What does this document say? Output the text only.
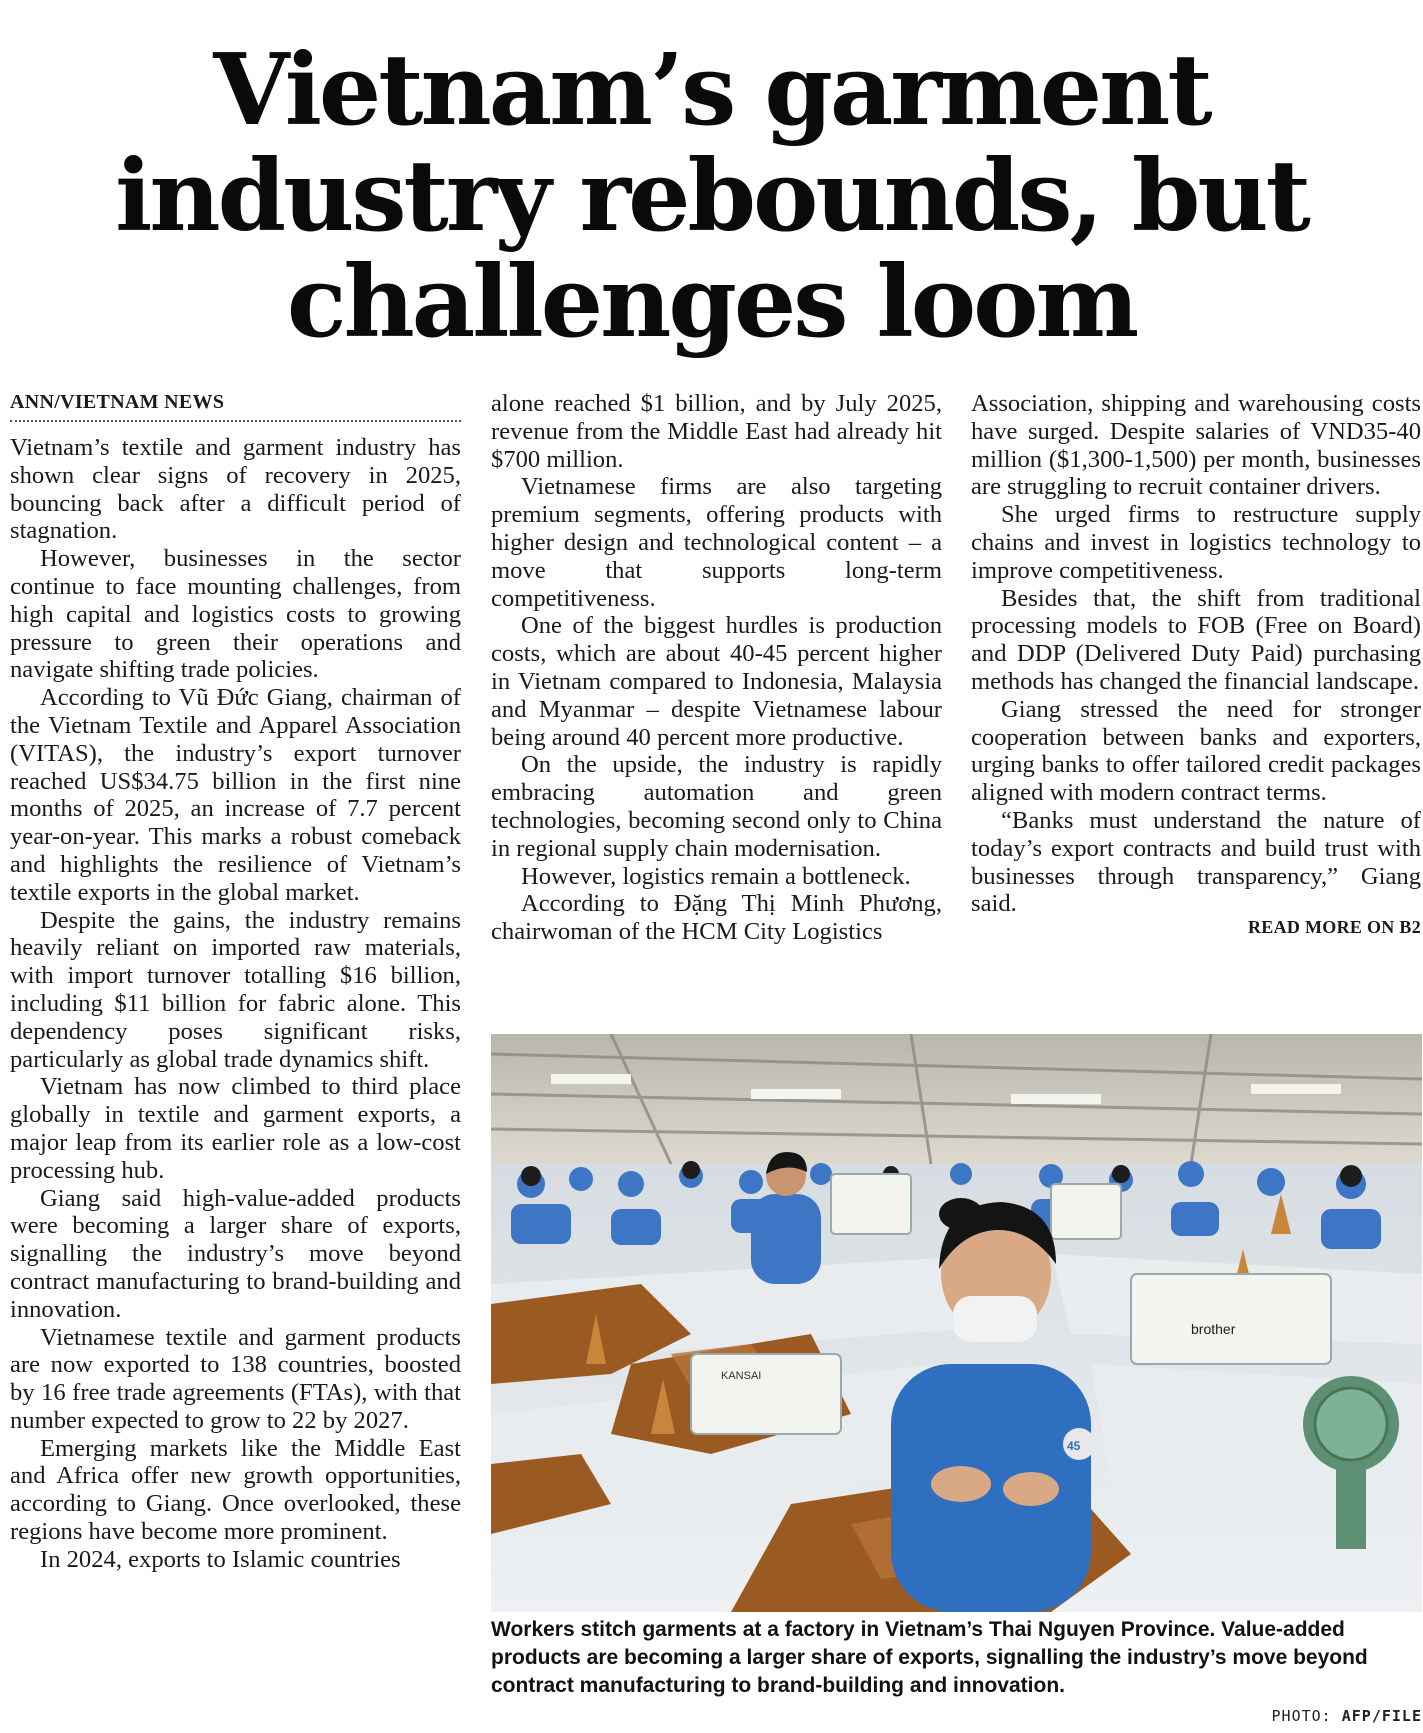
Vietnam’s garment
industry rebounds, but
challenges loom
ANN/VIETNAM NEWS

Vietnam’s textile and garment industry has shown clear signs of recovery in 2025, bouncing back after a difficult period of stagnation.

However, businesses in the sector continue to face mounting challenges, from high capital and logistics costs to growing pressure to green their operations and navigate shifting trade policies.

According to Vũ Đức Giang, chairman of the Vietnam Textile and Apparel Association (VITAS), the industry’s export turnover reached US$34.75 billion in the first nine months of 2025, an increase of 7.7 percent year-on-year. This marks a robust comeback and highlights the resilience of Vietnam’s textile exports in the global market.

Despite the gains, the industry remains heavily reliant on imported raw materials, with import turnover totalling $16 billion, including $11 billion for fabric alone. This dependency poses significant risks, particularly as global trade dynamics shift.

Vietnam has now climbed to third place globally in textile and garment exports, a major leap from its earlier role as a low-cost processing hub.

Giang said high-value-added products were becoming a larger share of exports, signalling the industry’s move beyond contract manufacturing to brand-building and innovation.

Vietnamese textile and garment products are now exported to 138 countries, boosted by 16 free trade agreements (FTAs), with that number expected to grow to 22 by 2027.

Emerging markets like the Middle East and Africa offer new growth opportunities, according to Giang. Once overlooked, these regions have become more prominent.

In 2024, exports to Islamic countries

alone reached $1 billion, and by July 2025, revenue from the Middle East had already hit $700 million.

Vietnamese firms are also targeting premium segments, offering products with higher design and technological content – a move that supports long-term competitiveness.

One of the biggest hurdles is production costs, which are about 40-45 percent higher in Vietnam compared to Indonesia, Malaysia and Myanmar – despite Vietnamese labour being around 40 percent more productive.

On the upside, the industry is rapidly embracing automation and green technologies, becoming second only to China in regional supply chain modernisation.

However, logistics remain a bottleneck.

According to Đặng Thị Minh Phương, chairwoman of the HCM City Logistics

Association, shipping and warehousing costs have surged. Despite salaries of VND35-40 million ($1,300-1,500) per month, businesses are struggling to recruit container drivers.

She urged firms to restructure supply chains and invest in logistics technology to improve competitiveness.

Besides that, the shift from traditional processing models to FOB (Free on Board) and DDP (Delivered Duty Paid) purchasing methods has changed the financial landscape.

Giang stressed the need for stronger cooperation between banks and exporters, urging banks to offer tailored credit packages aligned with modern contract terms.

“Banks must understand the nature of today’s export contracts and build trust with businesses through transparency,” Giang said.

READ MORE ON B2
KANSAI
brother
45
Workers stitch garments at a factory in Vietnam’s Thai Nguyen Province. Value-added products are becoming a larger share of exports, signalling the industry’s move beyond contract manufacturing to brand-building and innovation.
PHOTO: AFP/FILE
